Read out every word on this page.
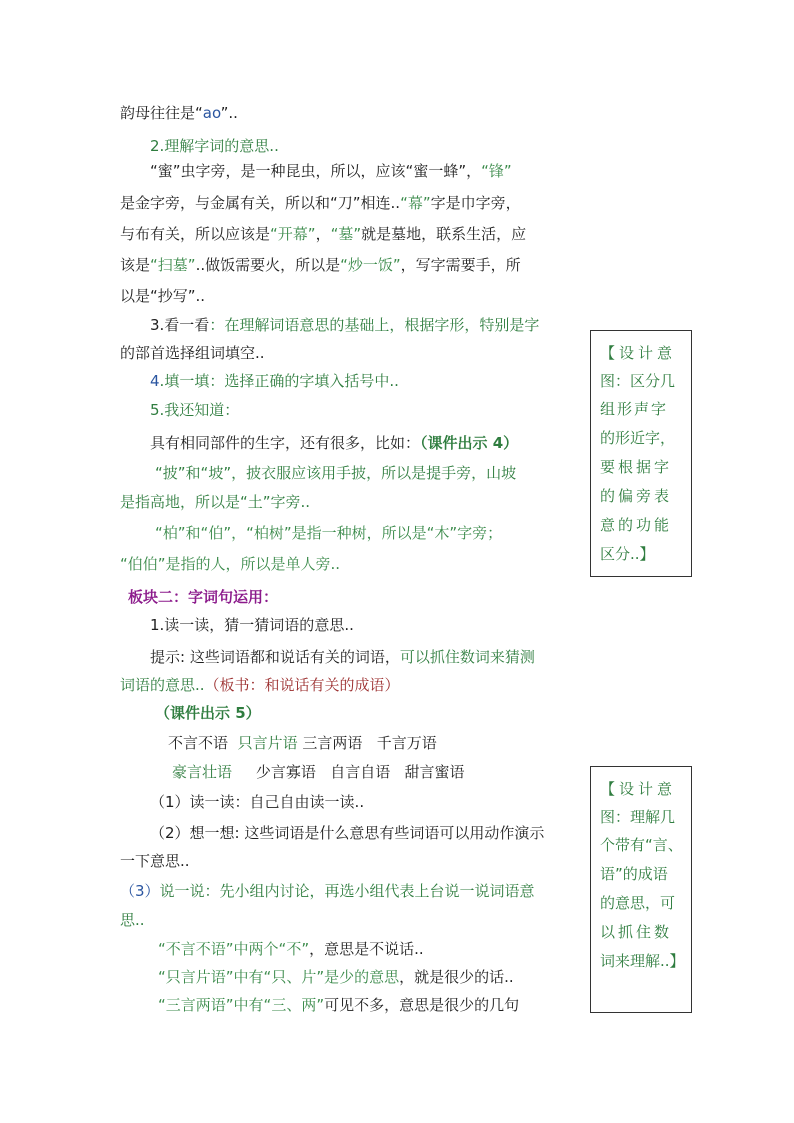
韵母往往是“ao”..
2.理解字词的意思..
“蜜”虫字旁，是一种昆虫，所以，应该“蜜一蜂”，“锋”
是金字旁，与金属有关，所以和“刀”相连..“幕”字是巾字旁，
与布有关，所以应该是“开幕”，“墓”就是墓地，联系生活，应
该是“扫墓”..做饭需要火，所以是“炒一饭”，写字需要手，所
以是“抄写”..
3.看一看：在理解词语意思的基础上，根据字形，特别是字
的部首选择组词填空..
4.填一填：选择正确的字填入括号中..
5.我还知道：
具有相同部件的生字，还有很多，比如：（课件出示 4）
“披”和“坡”，披衣服应该用手披，所以是提手旁，山坡
是指高地，所以是“土”字旁..
“柏”和“伯”，“柏树”是指一种树，所以是“木”字旁；
“伯伯”是指的人，所以是单人旁..
板块二：字词句运用：
1.读一读，猜一猜词语的意思..
提示: 这些词语都和说话有关的词语，可以抓住数词来猜测
词语的意思..（板书：和说话有关的成语）
（课件出示 5）
不言不语 只言片语 三言两语 千言万语
豪言壮语 少言寡语 自言自语 甜言蜜语
（1）读一读：自己自由读一读..
（2）想一想: 这些词语是什么意思有些词语可以用动作演示
一下意思..
（3）说一说：先小组内讨论，再选小组代表上台说一说词语意
思..
“不言不语”中两个“不”，意思是不说话..
“只言片语”中有“只、片”是少的意思，就是很少的话..
“三言两语”中有“三、两”可见不多，意思是很少的几句
【设计意
图：区分几
组形声字
的形近字，
要根据字
的偏旁表
意的功能
区分..】
【设计意
图：理解几
个带有“言、
语”的成语
的意思，可
以抓住数
词来理解..】
